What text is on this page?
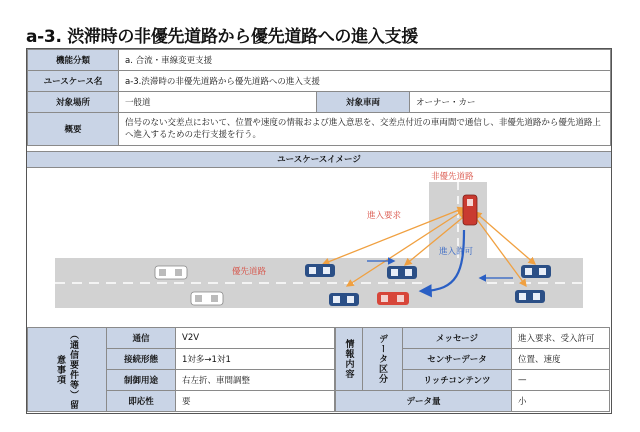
a-3. 渋滞時の非優先道路から優先道路への進入支援
機能分類	a. 合流・車線変更支援		
ユースケース名	a-3.渋滞時の非優先道路から優先道路への進入支援		
対象場所	一般道	対象車両	オーナー・カー
概要	信号のない交差点において、位置や速度の情報および進入意思を、交差点付近の車両間で通信し、非優先道路から優先道路上へ進入するための走行支援を行う。		
ユースケースイメージ
非優先道路
優先道路
進入要求
進入許可
（通信要件等）留意事項	通信	V2V
	接続形態	1対多→1対1
	制御用途	右左折、車間調整
	即応性	要
情報内容	データ区分	メッセージ	進入要求、受入許可
		センサーデータ	位置、速度
		リッチコンテンツ	—
データ量			小
